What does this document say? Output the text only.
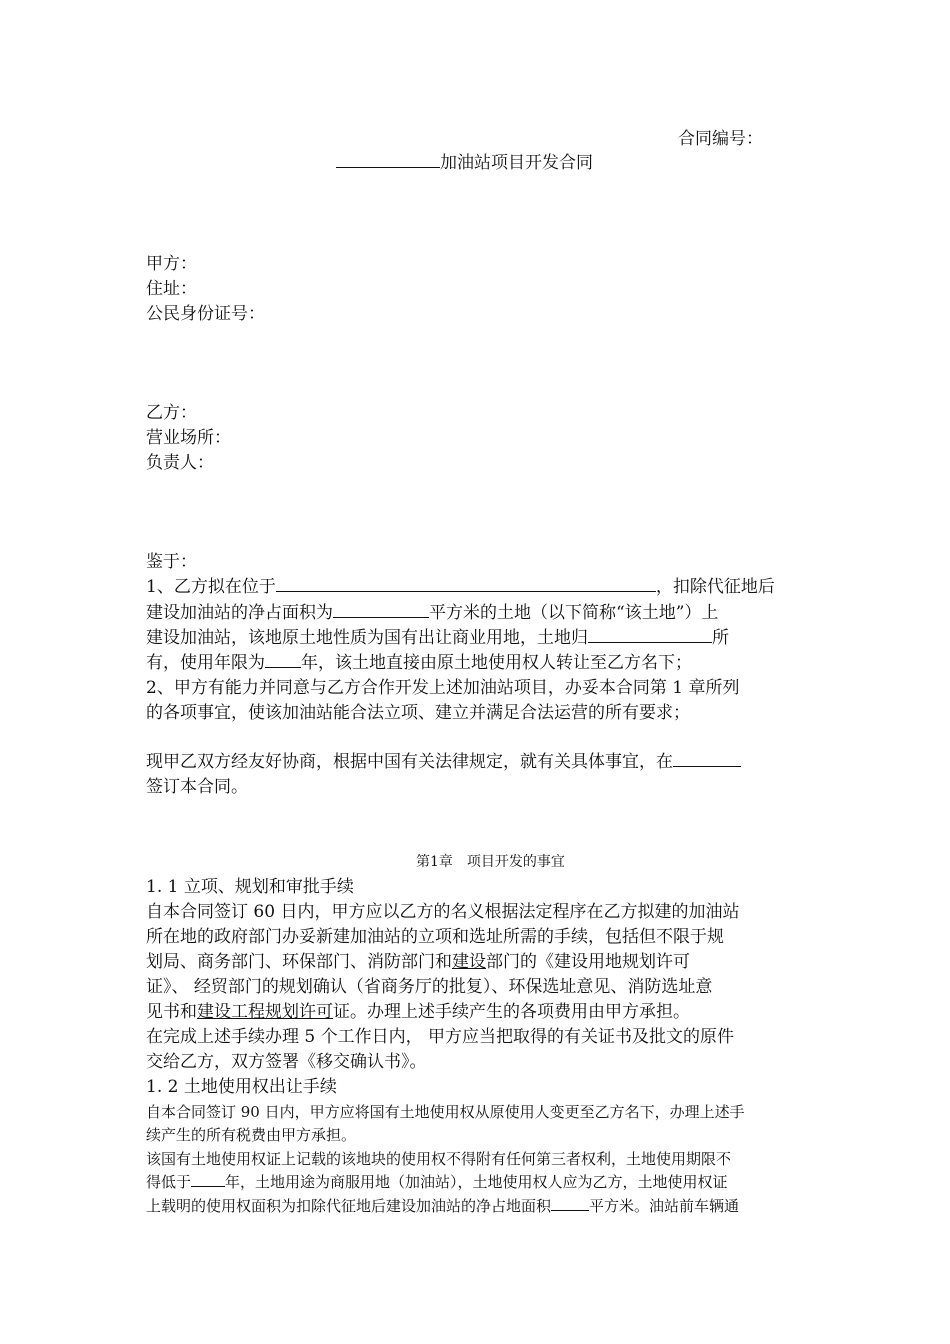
合同编号：
加油站项目开发合同
甲方：
住址：
公民身份证号：
乙方：
营业场所：
负责人：
鉴于：
1、乙方拟在位于	，扣除代征地后
建设加油站的净占面积为	平方米的土地（以下简称“该土地”）上
建设加油站，该地原土地性质为国有出让商业用地，土地归	所
有，使用年限为 年，该土地直接由原土地使用权人转让至乙方名下；
2、甲方有能力并同意与乙方合作开发上述加油站项目，办妥本合同第 1 章所列
的各项事宜，使该加油站能合法立项、建立并满足合法运营的所有要求；
现甲乙双方经友好协商，根据中国有关法律规定，就有关具体事宜，在
签订本合同。
第1章　项目开发的事宜
1. 1 立项、规划和审批手续
自本合同签订 60 日内，甲方应以乙方的名义根据法定程序在乙方拟建的加油站
所在地的政府部门办妥新建加油站的立项和选址所需的手续，包括但不限于规
划局、商务部门、环保部门、消防部门和建设部门的《建设用地规划许可
证》、 经贸部门的规划确认（省商务厅的批复）、环保选址意见、消防选址意
见书和建设工程规划许可证。办理上述手续产生的各项费用由甲方承担。
在完成上述手续办理 5 个工作日内， 甲方应当把取得的有关证书及批文的原件
交给乙方，双方签署《移交确认书》。
1. 2 土地使用权出让手续
自本合同签订 90 日内，甲方应将国有土地使用权从原使用人变更至乙方名下，办理上述手
续产生的所有税费由甲方承担。
该国有土地使用权证上记载的该地块的使用权不得附有任何第三者权利，土地使用期限不
得低于 年，土地用途为商服用地（加油站），土地使用权人应为乙方，土地使用权证
上载明的使用权面积为扣除代征地后建设加油站的净占地面积	平方米。油站前车辆通
